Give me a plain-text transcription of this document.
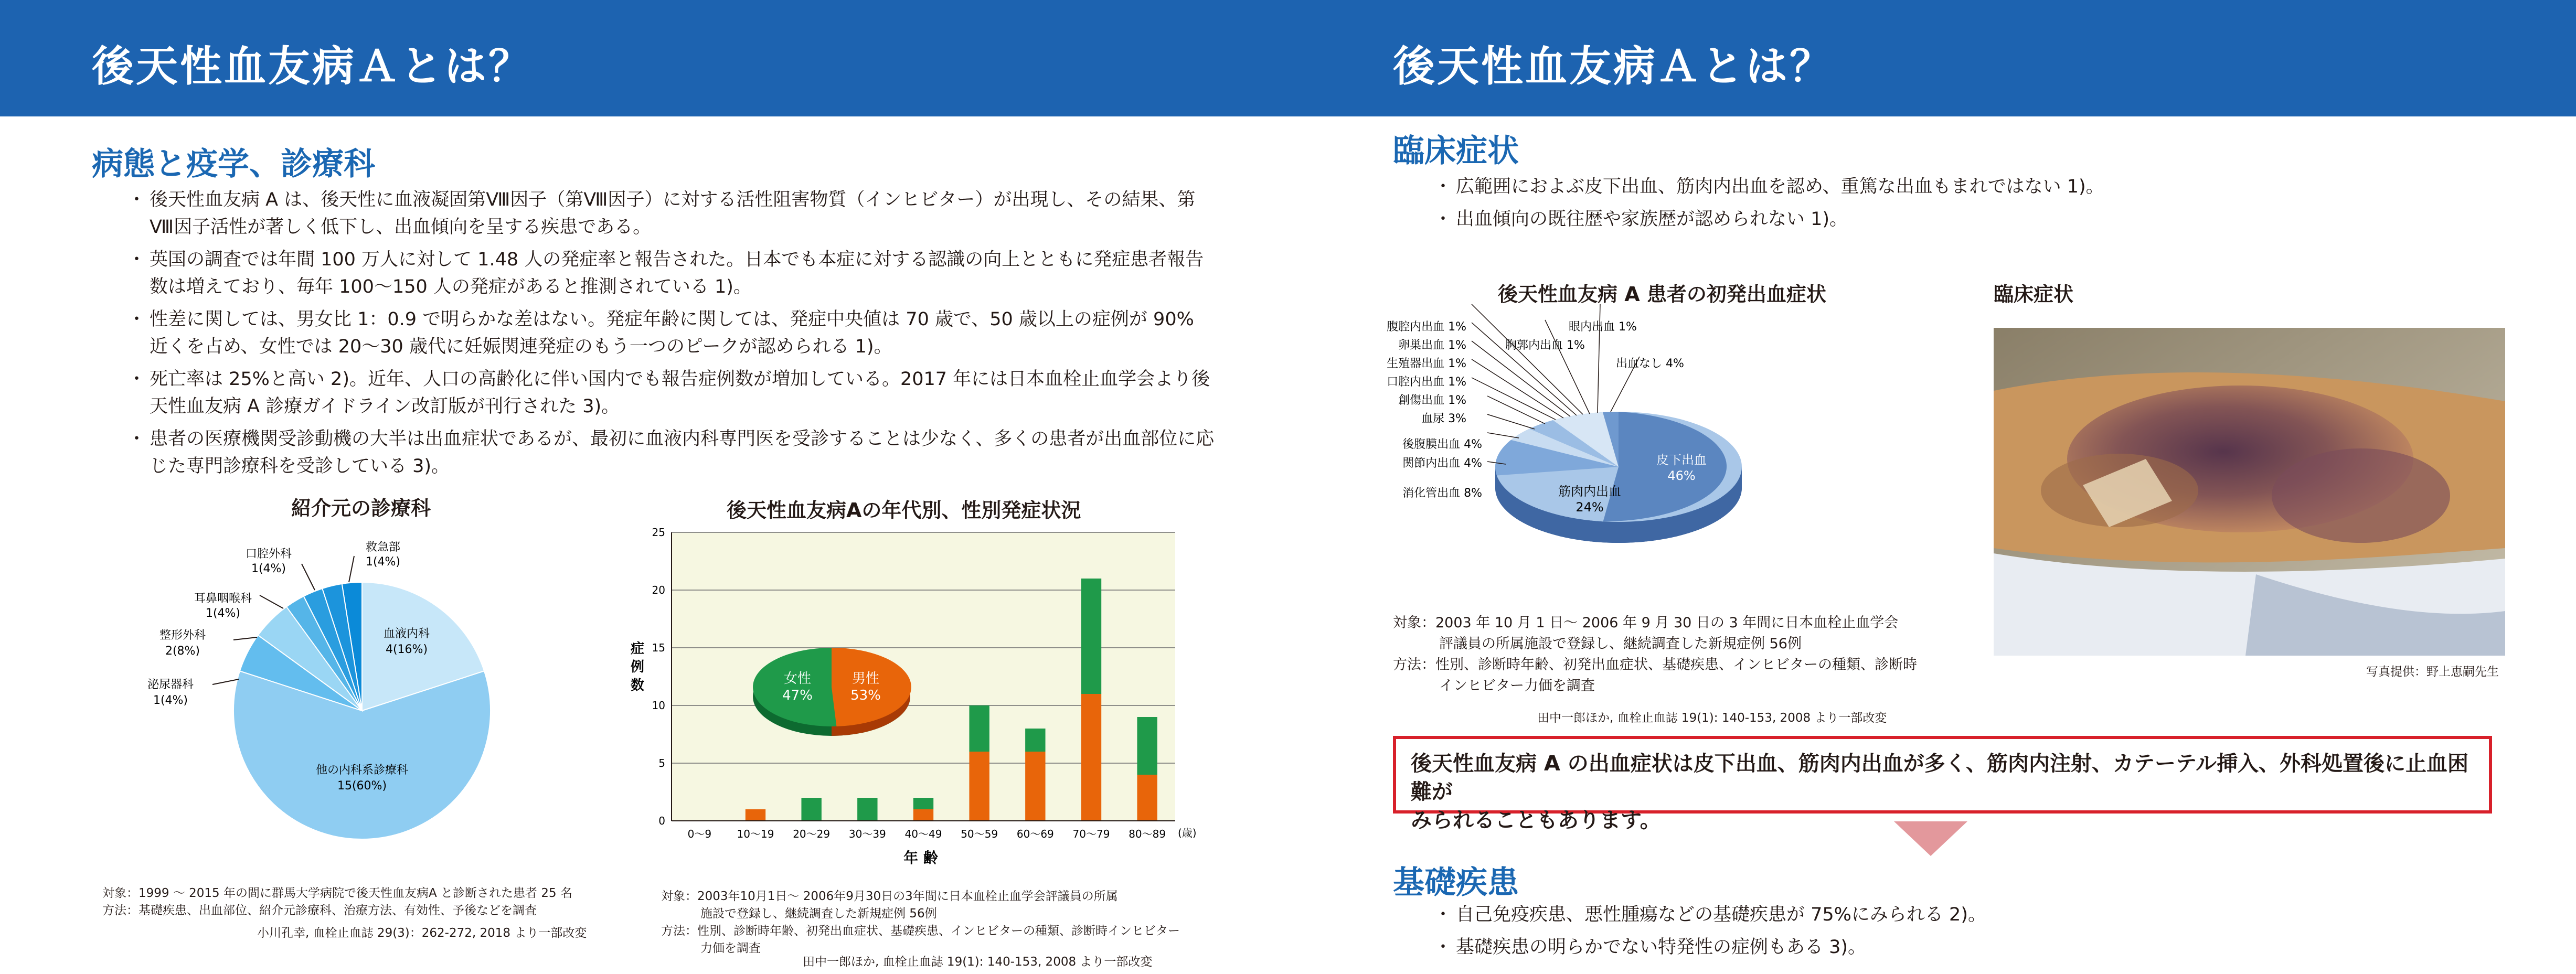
後天性血友病Ａとは？
病態と疫学、診療科
・ 後天性血友病 A は、後天性に血液凝固第Ⅷ因子（第Ⅷ因子）に対する活性阻害物質（インヒビター）が出現し、その結果、第Ⅷ因子活性が著しく低下し、出血傾向を呈する疾患である。
・ 英国の調査では年間 100 万人に対して 1.48 人の発症率と報告された。日本でも本症に対する認識の向上とともに発症患者報告数は増えており、毎年 100〜150 人の発症があると推測されている 1)。
・ 性差に関しては、男女比 1：0.9 で明らかな差はない。発症年齢に関しては、発症中央値は 70 歳で、50 歳以上の症例が 90% 近くを占め、女性では 20〜30 歳代に妊娠関連発症のもう一つのピークが認められる 1)。
・ 死亡率は 25%と高い 2)。近年、人口の高齢化に伴い国内でも報告症例数が増加している。2017 年には日本血栓止血学会より後天性血友病 A 診療ガイドライン改訂版が刊行された 3)。
・ 患者の医療機関受診動機の大半は出血症状であるが、最初に血液内科専門医を受診することは少なく、多くの患者が出血部位に応じた専門診療科を受診している 3)。
紹介元の診療科
血液内科
4(16%)
他の内科系診療科
15(60%)
泌尿器科
1(4%)
整形外科
2(8%)
耳鼻咽喉科
1(4%)
口腔外科
1(4%)
救急部
1(4%)
対象：1999 〜 2015 年の間に群馬大学病院で後天性血友病A と診断された患者 25 名
方法：基礎疾患、出血部位、紹介元診療科、治療方法、有効性、予後などを調査
小川孔幸, 血栓止血誌 29(3)：262-272, 2018 より一部改変
後天性血友病Aの年代別、性別発症状況
0〜9 10〜19 20〜29 30〜39 40〜49 50〜59 60〜69 70〜79 80〜89
0
5
10
15
20
25
症
例
数
年 齢
(歳)
女性
47%
男性
53%
対象：2003年10月1日〜 2006年9月30日の3年間に日本血栓止血学会評議員の所属
施設で登録し、継続調査した新規症例 56例
方法：性別、診断時年齢、初発出血症状、基礎疾患、インヒビターの種類、診断時インヒビター
力価を調査
田中一郎ほか, 血栓止血誌 19(1): 140-153, 2008 より一部改変
後天性血友病Ａとは？
臨床症状
・ 広範囲におよぶ皮下出血、筋肉内出血を認め、重篤な出血もまれではない 1)。
・ 出血傾向の既往歴や家族歴が認められない 1)。
後天性血友病 A 患者の初発出血症状
皮下出血
46%
筋肉内出血
24%
消化管出血 8%
関節内出血 4%
後腹膜出血 4%
血尿 3%
創傷出血 1%
口腔内出血 1%
生殖器出血 1%
卵巣出血 1%
腹腔内出血 1%
胸郭内出血 1%
眼内出血 1%
出血なし 4%
対象：2003 年 10 月 1 日〜 2006 年 9 月 30 日の 3 年間に日本血栓止血学会
評議員の所属施設で登録し、継続調査した新規症例 56例
方法：性別、診断時年齢、初発出血症状、基礎疾患、インヒビターの種類、診断時
インヒビター力価を調査
田中一郎ほか, 血栓止血誌 19(1): 140-153, 2008 より一部改変
臨床症状
写真提供：野上恵嗣先生
後天性血友病 A の出血症状は皮下出血、筋肉内出血が多く、筋肉内注射、カテーテル挿入、外科処置後に止血困難が
みられることもあります。
基礎疾患
・ 自己免疫疾患、悪性腫瘍などの基礎疾患が 75%にみられる 2)。
・ 基礎疾患の明らかでない特発性の症例もある 3)。
